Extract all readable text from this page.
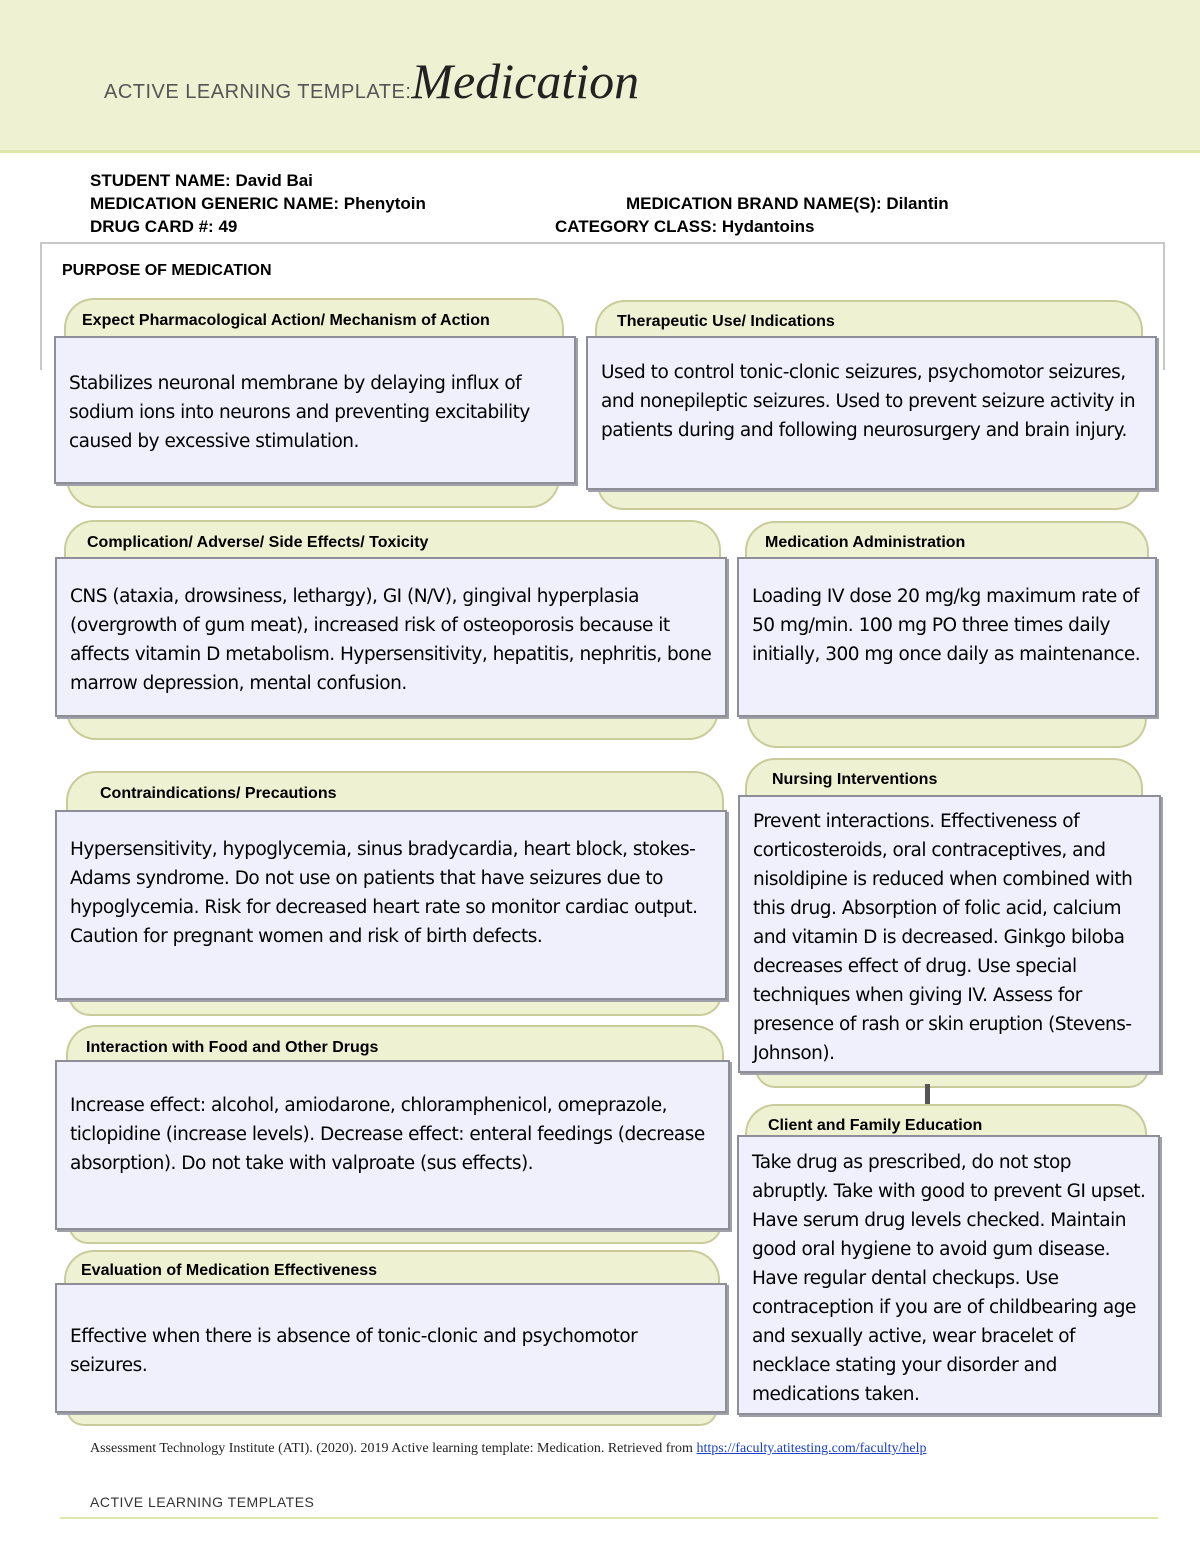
ACTIVE LEARNING TEMPLATE:Medication
STUDENT NAME: David Bai
MEDICATION GENERIC NAME: Phenytoin	MEDICATION BRAND NAME(S): Dilantin
DRUG CARD #: 49	CATEGORY CLASS: Hydantoins
PURPOSE OF MEDICATION
Expect Pharmacological Action/ Mechanism of Action

Stabilizes neuronal membrane by delaying influx of sodium ions into neurons and preventing excitability caused by excessive stimulation.

Therapeutic Use/ Indications

Used to control tonic-clonic seizures, psychomotor seizures, and nonepileptic seizures. Used to prevent seizure activity in patients during and following neurosurgery and brain injury.

Complication/ Adverse/ Side Effects/ Toxicity

CNS (ataxia, drowsiness, lethargy), GI (N/V), gingival hyperplasia (overgrowth of gum meat), increased risk of osteoporosis because it affects vitamin D metabolism. Hypersensitivity, hepatitis, nephritis, bone marrow depression, mental confusion.

Medication Administration

Loading IV dose 20 mg/kg maximum rate of 50 mg/min. 100 mg PO three times daily initially, 300 mg once daily as maintenance.

Contraindications/ Precautions

Hypersensitivity, hypoglycemia, sinus bradycardia, heart block, stokes-Adams syndrome. Do not use on patients that have seizures due to hypoglycemia. Risk for decreased heart rate so monitor cardiac output. Caution for pregnant women and risk of birth defects.

Nursing Interventions

Prevent interactions. Effectiveness of corticosteroids, oral contraceptives, and nisoldipine is reduced when combined with this drug. Absorption of folic acid, calcium and vitamin D is decreased. Ginkgo biloba decreases effect of drug. Use special techniques when giving IV. Assess for presence of rash or skin eruption (Stevens-Johnson).

Interaction with Food and Other Drugs

Increase effect: alcohol, amiodarone, chloramphenicol, omeprazole, ticlopidine (increase levels). Decrease effect: enteral feedings (decrease absorption). Do not take with valproate (sus effects).

Client and Family Education

Take drug as prescribed, do not stop abruptly. Take with good to prevent GI upset. Have serum drug levels checked. Maintain good oral hygiene to avoid gum disease. Have regular dental checkups. Use contraception if you are of childbearing age and sexually active, wear bracelet of necklace stating your disorder and medications taken.

Evaluation of Medication Effectiveness

Effective when there is absence of tonic-clonic and psychomotor seizures.

Assessment Technology Institute (ATI). (2020). 2019 Active learning template: Medication. Retrieved from https://faculty.atitesting.com/faculty/help
ACTIVE LEARNING TEMPLATES
